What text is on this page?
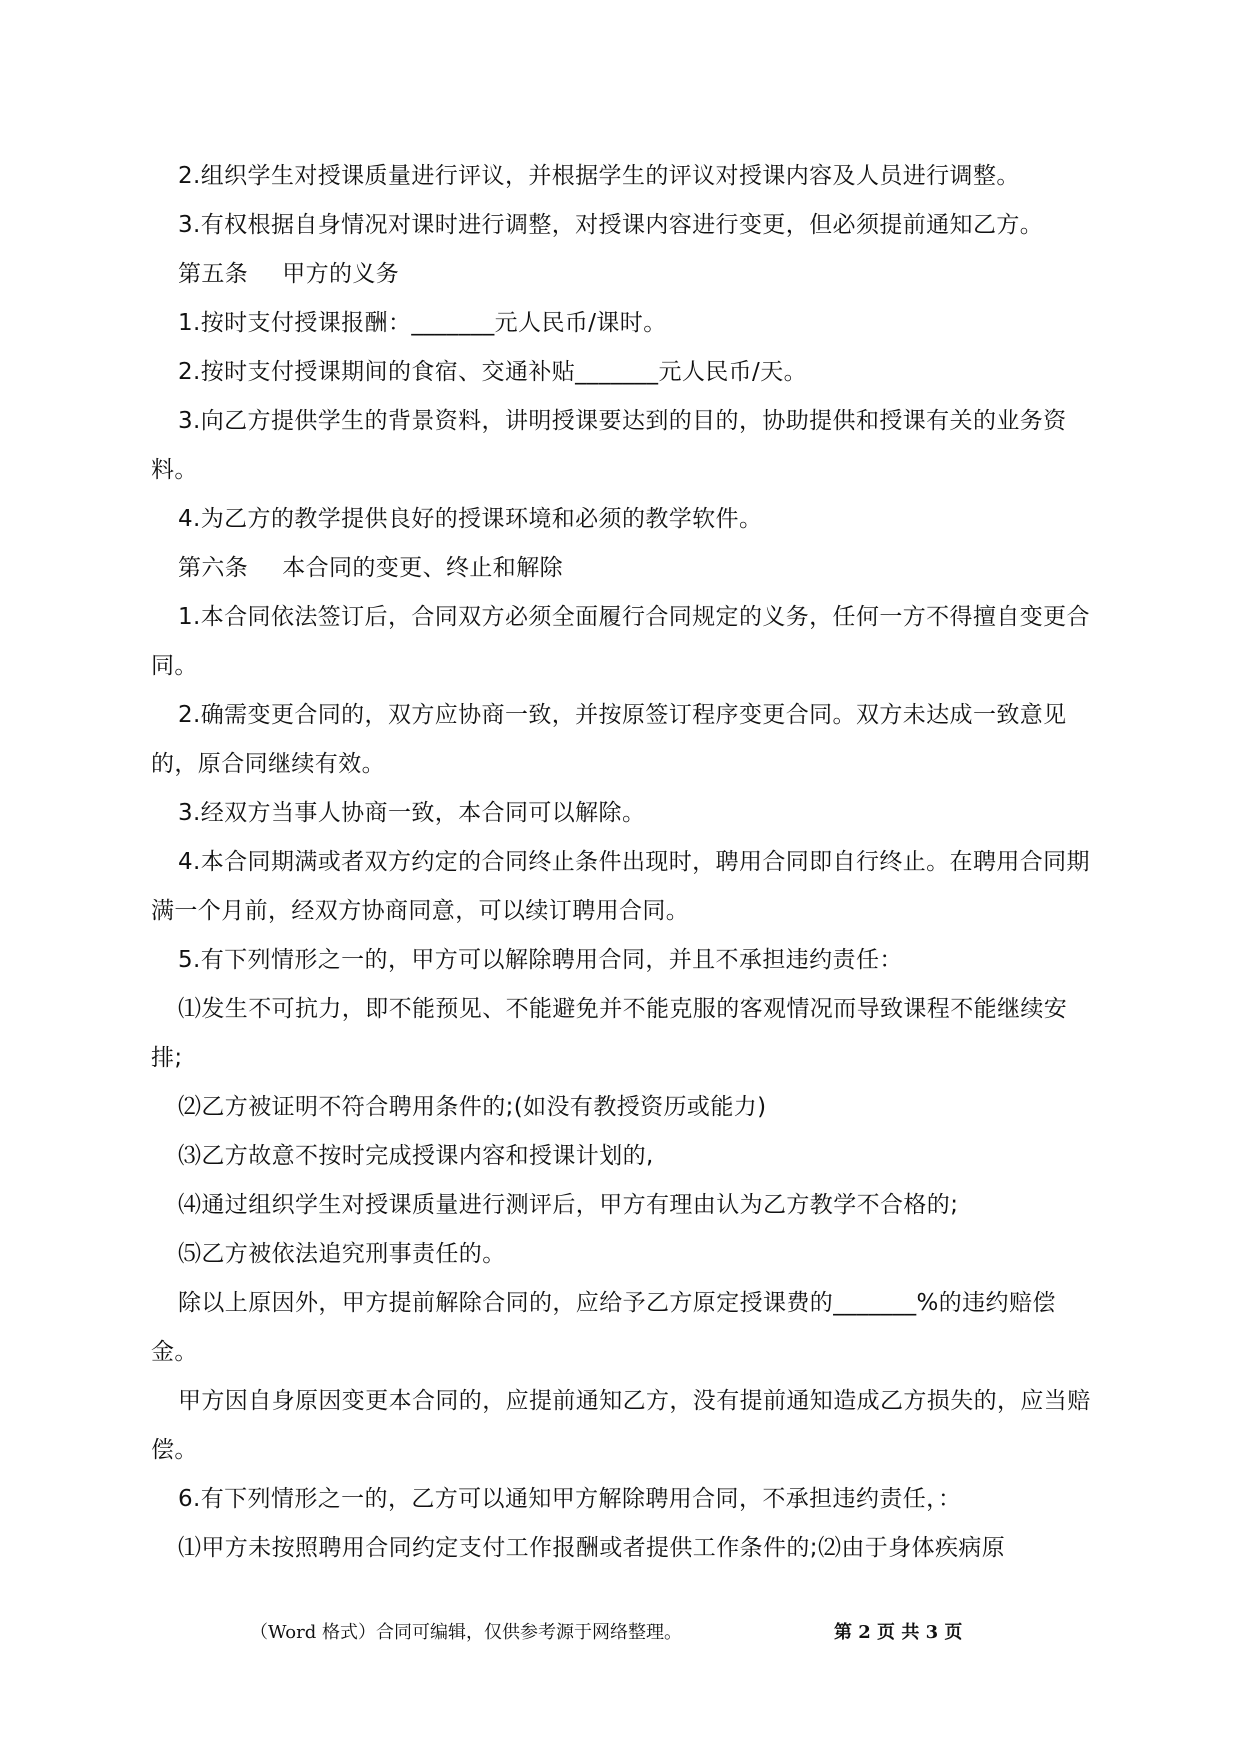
2.组织学生对授课质量进行评议，并根据学生的评议对授课内容及人员进行调整。

3.有权根据自身情况对课时进行调整，对授课内容进行变更，但必须提前通知乙方。

第五条 甲方的义务

1.按时支付授课报酬：_______元人民币/课时。

2.按时支付授课期间的食宿、交通补贴_______元人民币/天。

3.向乙方提供学生的背景资料，讲明授课要达到的目的，协助提供和授课有关的业务资料。

4.为乙方的教学提供良好的授课环境和必须的教学软件。

第六条 本合同的变更、终止和解除

1.本合同依法签订后，合同双方必须全面履行合同规定的义务，任何一方不得擅自变更合同。

2.确需变更合同的，双方应协商一致，并按原签订程序变更合同。双方未达成一致意见的，原合同继续有效。

3.经双方当事人协商一致，本合同可以解除。

4.本合同期满或者双方约定的合同终止条件出现时，聘用合同即自行终止。在聘用合同期满一个月前，经双方协商同意，可以续订聘用合同。

5.有下列情形之一的，甲方可以解除聘用合同，并且不承担违约责任：

⑴发生不可抗力，即不能预见、不能避免并不能克服的客观情况而导致课程不能继续安排;

⑵乙方被证明不符合聘用条件的;(如没有教授资历或能力)

⑶乙方故意不按时完成授课内容和授课计划的,

⑷通过组织学生对授课质量进行测评后，甲方有理由认为乙方教学不合格的;

⑸乙方被依法追究刑事责任的。

除以上原因外，甲方提前解除合同的，应给予乙方原定授课费的_______%的违约赔偿金。

甲方因自身原因变更本合同的，应提前通知乙方，没有提前通知造成乙方损失的，应当赔偿。

6.有下列情形之一的，乙方可以通知甲方解除聘用合同，不承担违约责任，：

⑴甲方未按照聘用合同约定支付工作报酬或者提供工作条件的;⑵由于身体疾病原

（Word 格式）合同可编辑，仅供参考源于网络整理。	第 2 页 共 3 页
